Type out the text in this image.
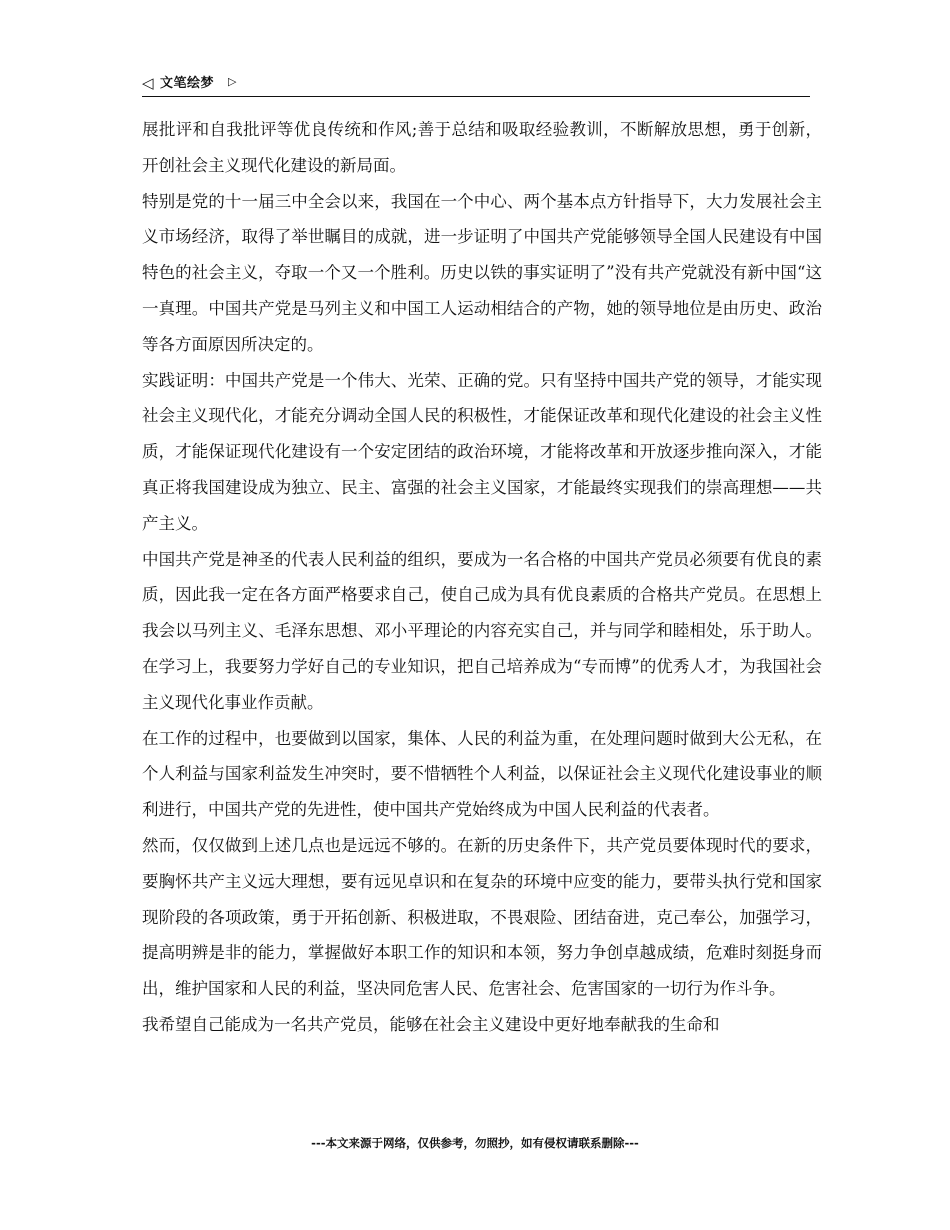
◁ 文笔绘梦 ▷

展批评和自我批评等优良传统和作风;善于总结和吸取经验教训，不断解放思想，勇于创新，开创社会主义现代化建设的新局面。

特别是党的十一届三中全会以来，我国在一个中心、两个基本点方针指导下，大力发展社会主义市场经济，取得了举世瞩目的成就，进一步证明了中国共产党能够领导全国人民建设有中国特色的社会主义，夺取一个又一个胜利。历史以铁的事实证明了”没有共产党就没有新中国“这一真理。中国共产党是马列主义和中国工人运动相结合的产物，她的领导地位是由历史、政治等各方面原因所决定的。

实践证明：中国共产党是一个伟大、光荣、正确的党。只有坚持中国共产党的领导，才能实现社会主义现代化，才能充分调动全国人民的积极性，才能保证改革和现代化建设的社会主义性质，才能保证现代化建设有一个安定团结的政治环境，才能将改革和开放逐步推向深入，才能真正将我国建设成为独立、民主、富强的社会主义国家，才能最终实现我们的崇高理想——共产主义。

中国共产党是神圣的代表人民利益的组织，要成为一名合格的中国共产党员必须要有优良的素质，因此我一定在各方面严格要求自己，使自己成为具有优良素质的合格共产党员。在思想上我会以马列主义、毛泽东思想、邓小平理论的内容充实自己，并与同学和睦相处，乐于助人。在学习上，我要努力学好自己的专业知识，把自己培养成为“专而博”的优秀人才，为我国社会主义现代化事业作贡献。

在工作的过程中，也要做到以国家，集体、人民的利益为重，在处理问题时做到大公无私，在个人利益与国家利益发生冲突时，要不惜牺牲个人利益，以保证社会主义现代化建设事业的顺利进行，中国共产党的先进性，使中国共产党始终成为中国人民利益的代表者。

然而，仅仅做到上述几点也是远远不够的。在新的历史条件下，共产党员要体现时代的要求，要胸怀共产主义远大理想，要有远见卓识和在复杂的环境中应变的能力，要带头执行党和国家现阶段的各项政策，勇于开拓创新、积极进取，不畏艰险、团结奋进，克己奉公，加强学习，提高明辨是非的能力，掌握做好本职工作的知识和本领，努力争创卓越成绩，危难时刻挺身而出，维护国家和人民的利益，坚决同危害人民、危害社会、危害国家的一切行为作斗争。

我希望自己能成为一名共产党员，能够在社会主义建设中更好地奉献我的生命和

---本文来源于网络，仅供参考，勿照抄，如有侵权请联系删除---
